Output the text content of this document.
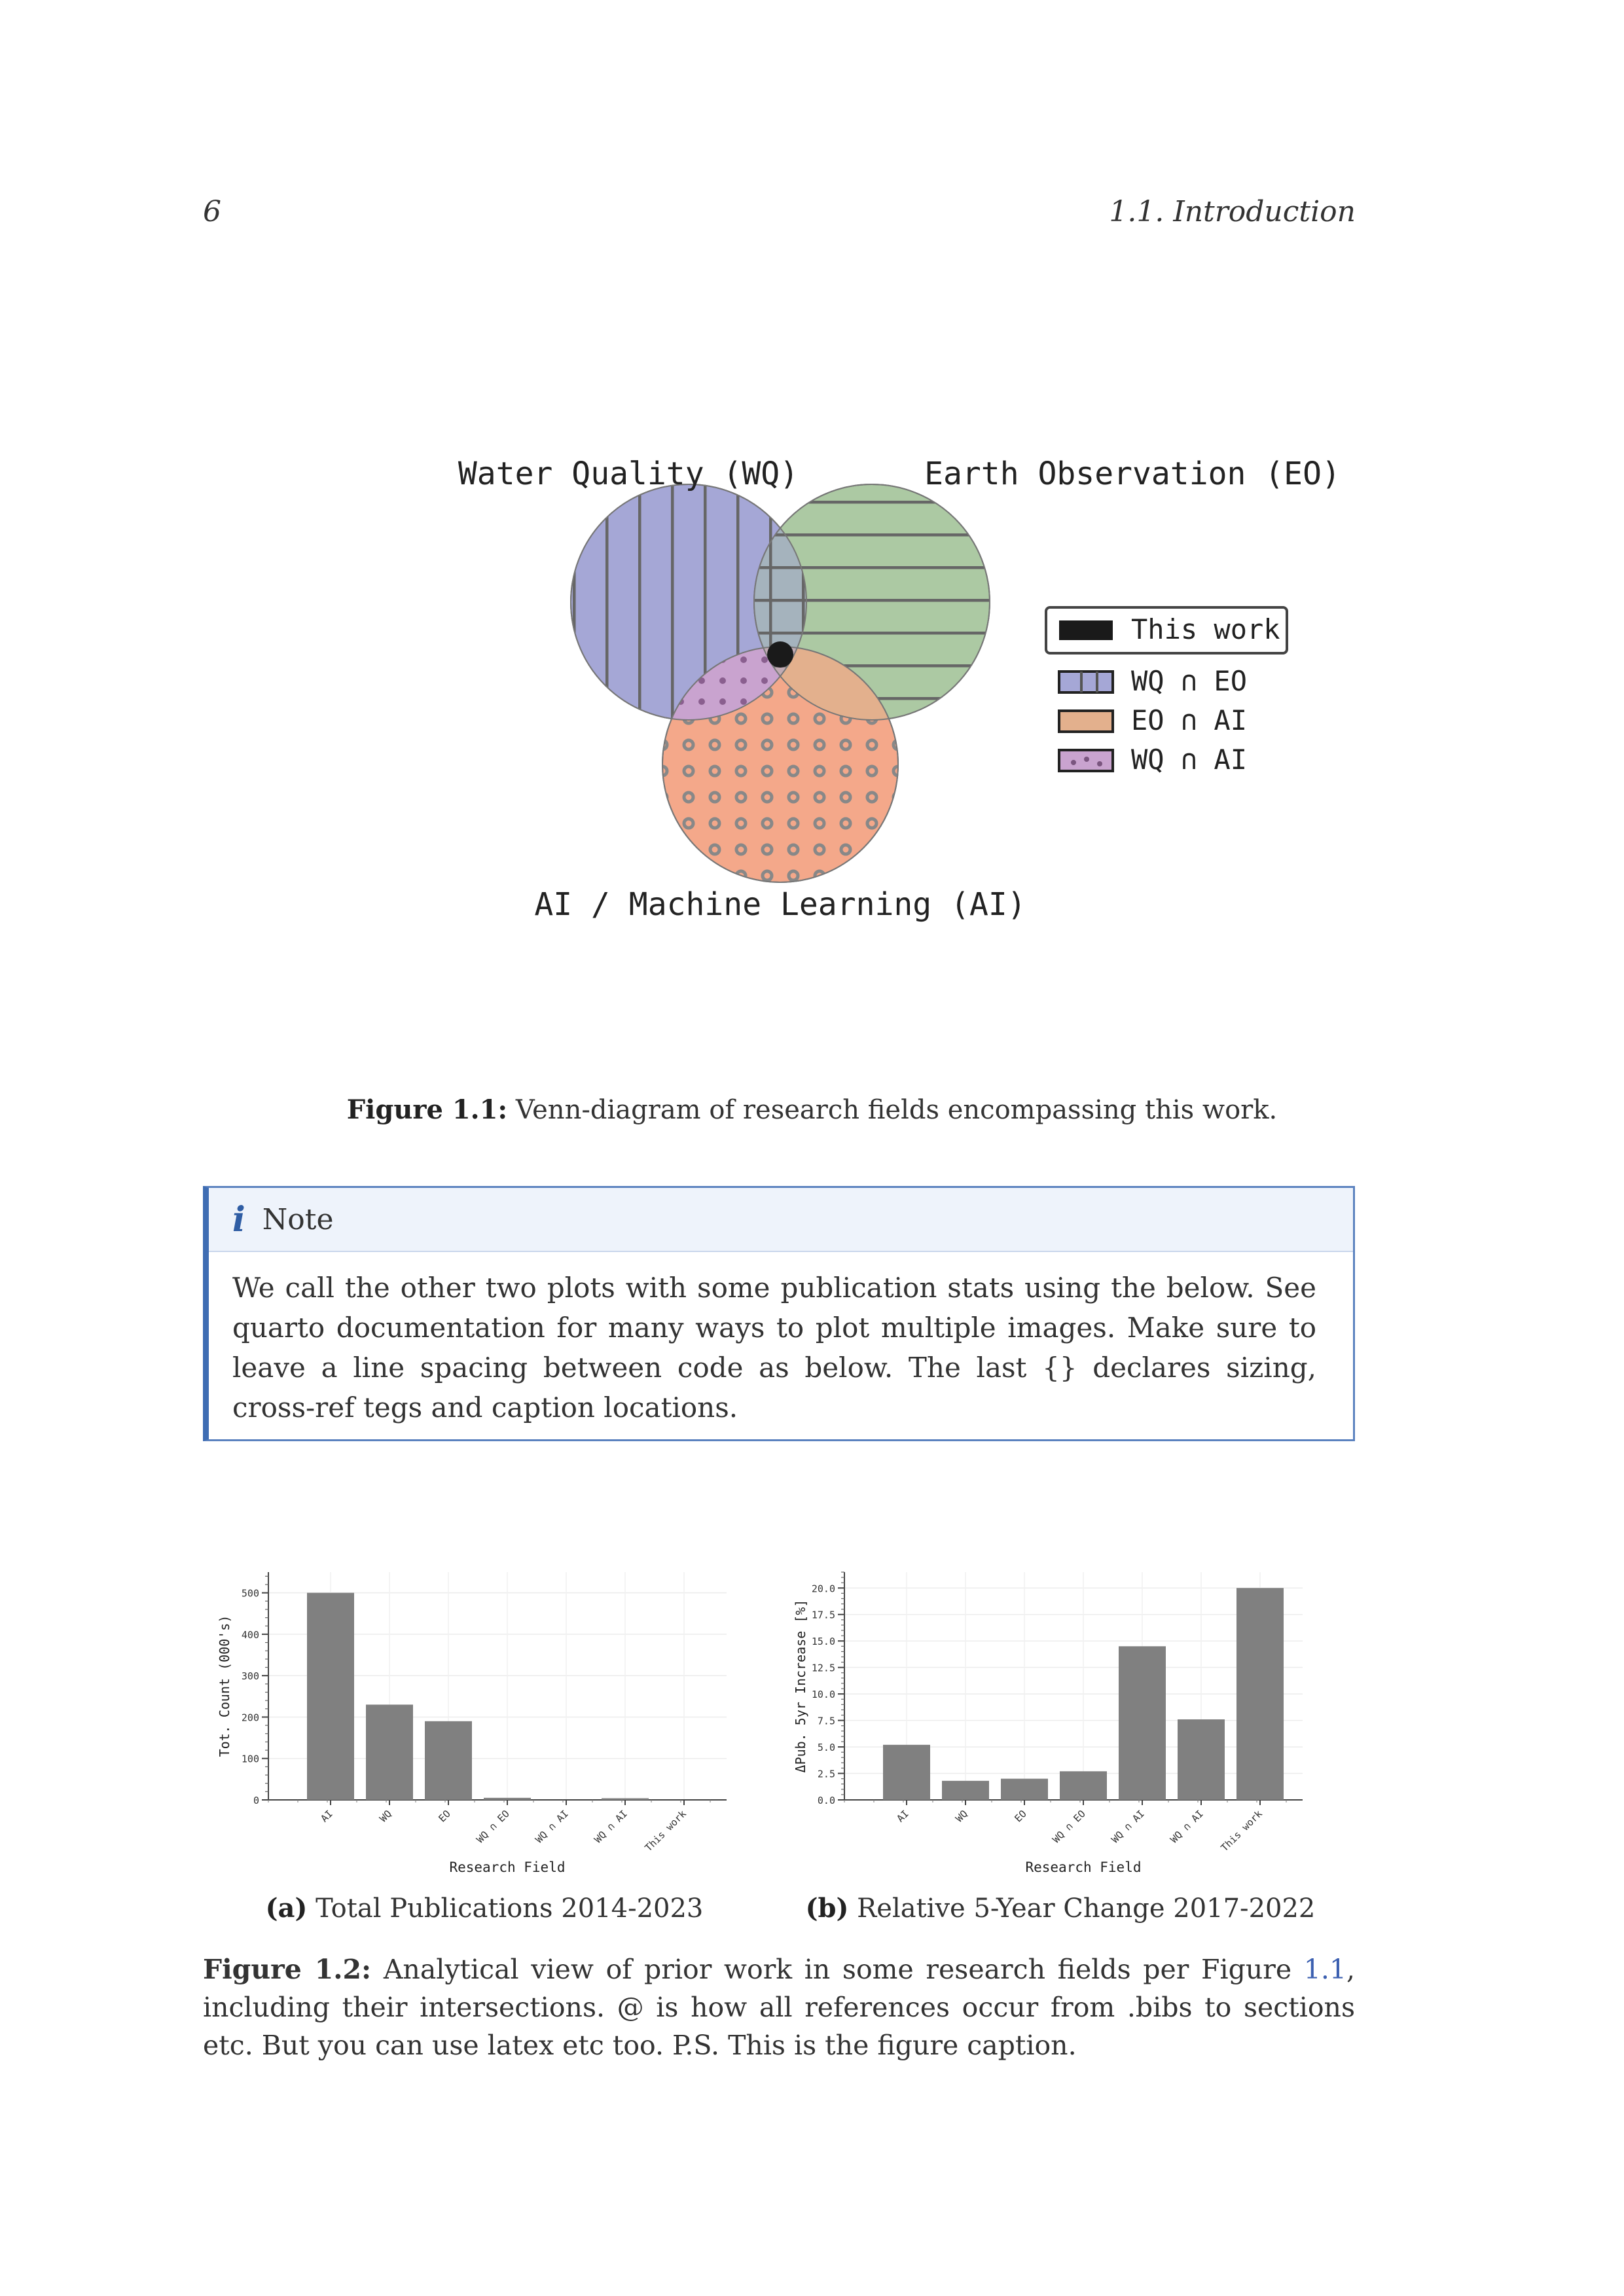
6	1.1. Introduction
Water Quality (WQ)	Earth Observation (EO)
AI / Machine Learning (AI)
This work
WQ ∩ EO
EO ∩ AI
WQ ∩ AI
Figure 1.1: Venn-diagram of research fields encompassing this work.
i Note
We call the other two plots with some publication stats using the below. See quarto documentation for many ways to plot multiple images. Make sure to leave a line spacing between code as below. The last {} declares sizing, cross-ref tegs and caption locations.
0
100
200
300
400
500
AI	WQ	EO WQ ∩ EO WQ ∩ AI WQ ∩ AI This work
Research Field
Tot. Count (000's)
0.0
2.5
5.0
7.5
10.0
12.5
15.0
17.5
20.0
AI	WQ	EO WQ ∩ EO WQ ∩ AI WQ ∩ AI This work
Research Field
ΔPub. 5yr Increase [%]
(a) Total Publications 2014-2023	(b) Relative 5-Year Change 2017-2022
Figure 1.2: Analytical view of prior work in some research fields per Figure 1.1, including their intersections. @ is how all references occur from .bibs to sections etc. But you can use latex etc too. P.S. This is the figure caption.
